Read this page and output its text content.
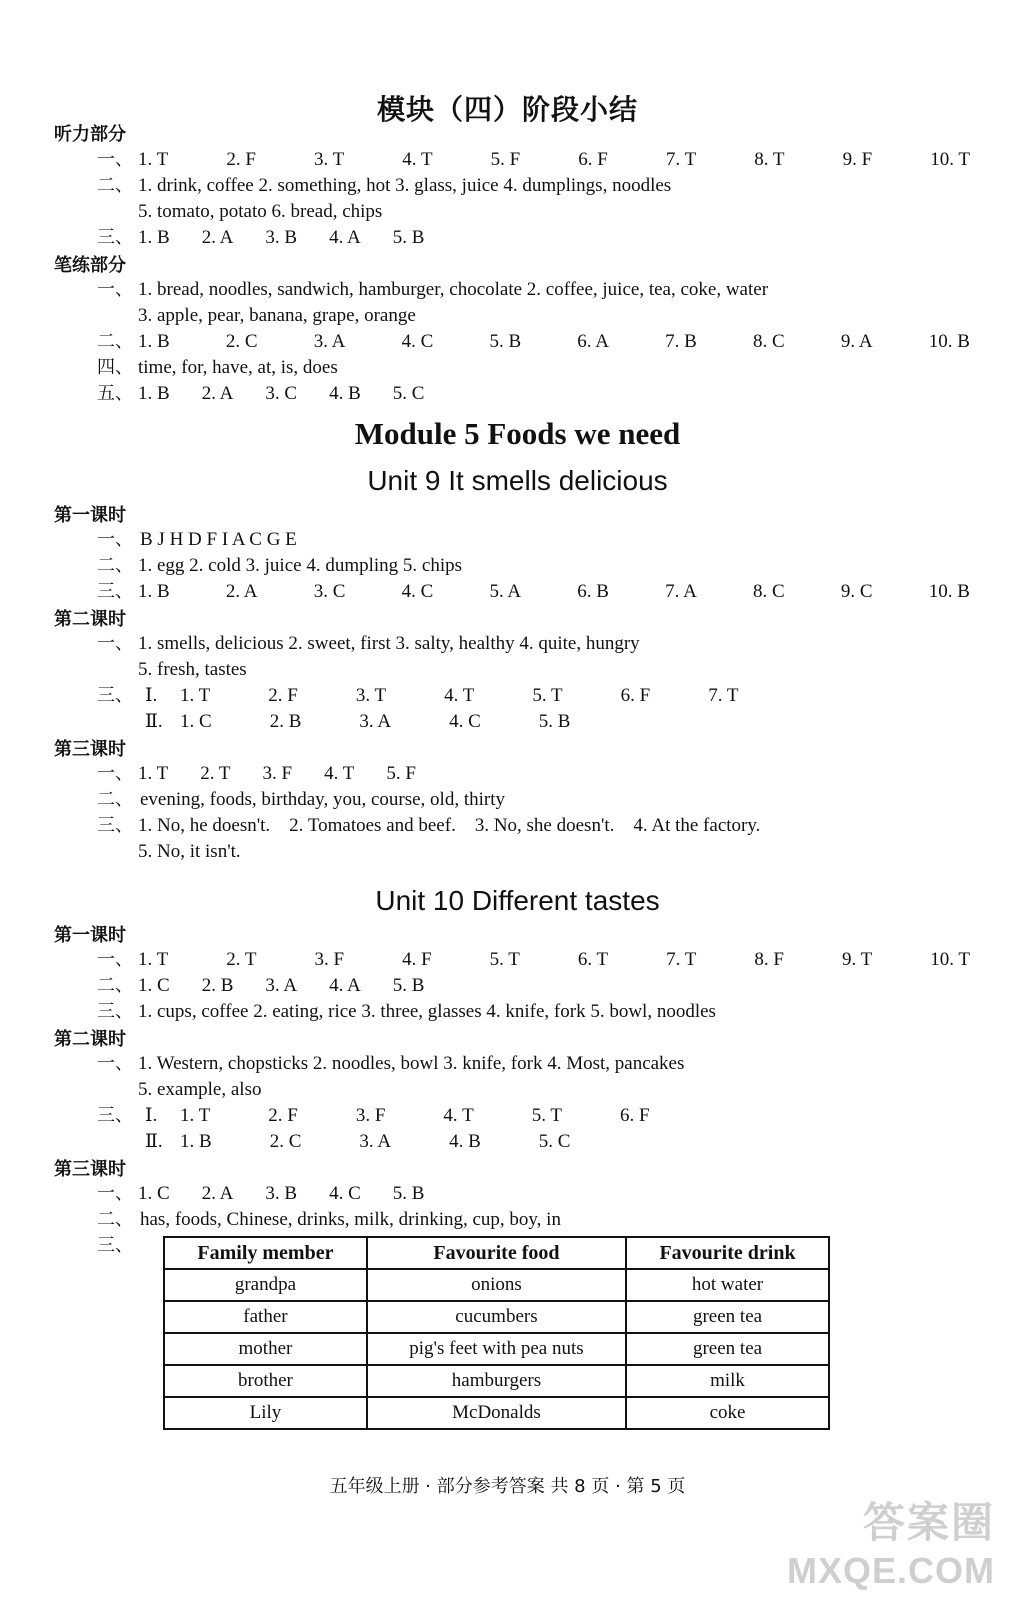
模块（四）阶段小结
听力部分
一、 1. T	2. F	3. T	4. T	5. F	6. F	7. T	8. T	9. F	10. T
二、 1. drink, coffee 2. something, hot 3. glass, juice 4. dumplings, noodles
5. tomato, potato 6. bread, chips
三、 1. B 2. A 3. B 4. A 5. B
笔练部分
一、 1. bread, noodles, sandwich, hamburger, chocolate 2. coffee, juice, tea, coke, water
3. apple, pear, banana, grape, orange
二、 1. B	2. C	3. A	4. C	5. B	6. A	7. B	8. C	9. A	10. B
四、 time, for, have, at, is, does
五、 1. B 2. A 3. C 4. B 5. C
Module 5 Foods we need
Unit 9 It smells delicious
第一课时
一、 B J H D F I A C G E
二、 1. egg 2. cold 3. juice 4. dumpling 5. chips
三、 1. B	2. A	3. C	4. C	5. A	6. B	7. A	8. C	9. C	10. B
第二课时
一、 1. smells, delicious 2. sweet, first 3. salty, healthy 4. quite, hungry
5. fresh, tastes
三、 Ⅰ. 1. T	2. F	3. T	4. T	5. T	6. F	7. T
Ⅱ. 1. C	2. B	3. A	4. C	5. B
第三课时
一、 1. T 2. T 3. F 4. T 5. F
二、 evening, foods, birthday, you, course, old, thirty
三、 1. No, he doesn't.    2. Tomatoes and beef.    3. No, she doesn't.    4. At the factory.
5. No, it isn't.
Unit 10 Different tastes
第一课时
一、 1. T	2. T	3. F	4. F	5. T	6. T	7. T	8. F	9. T	10. T
二、 1. C 2. B 3. A 4. A 5. B
三、 1. cups, coffee 2. eating, rice 3. three, glasses 4. knife, fork 5. bowl, noodles
第二课时
一、 1. Western, chopsticks 2. noodles, bowl 3. knife, fork 4. Most, pancakes
5. example, also
三、 Ⅰ. 1. T	2. F	3. F	4. T	5. T	6. F
Ⅱ. 1. B	2. C	3. A	4. B	5. C
第三课时
一、 1. C 2. A 3. B 4. C 5. B
二、 has, foods, Chinese, drinks, milk, drinking, cup, boy, in
三、	Family member	Favourite food	Favourite drink
grandpa	onions	hot water
father	cucumbers	green tea
mother	pig's feet with pea nuts	green tea
brother	hamburgers	milk
Lily	McDonalds	coke
五年级上册 · 部分参考答案 共 8 页 · 第 5 页
答案圈
MXQE.COM
